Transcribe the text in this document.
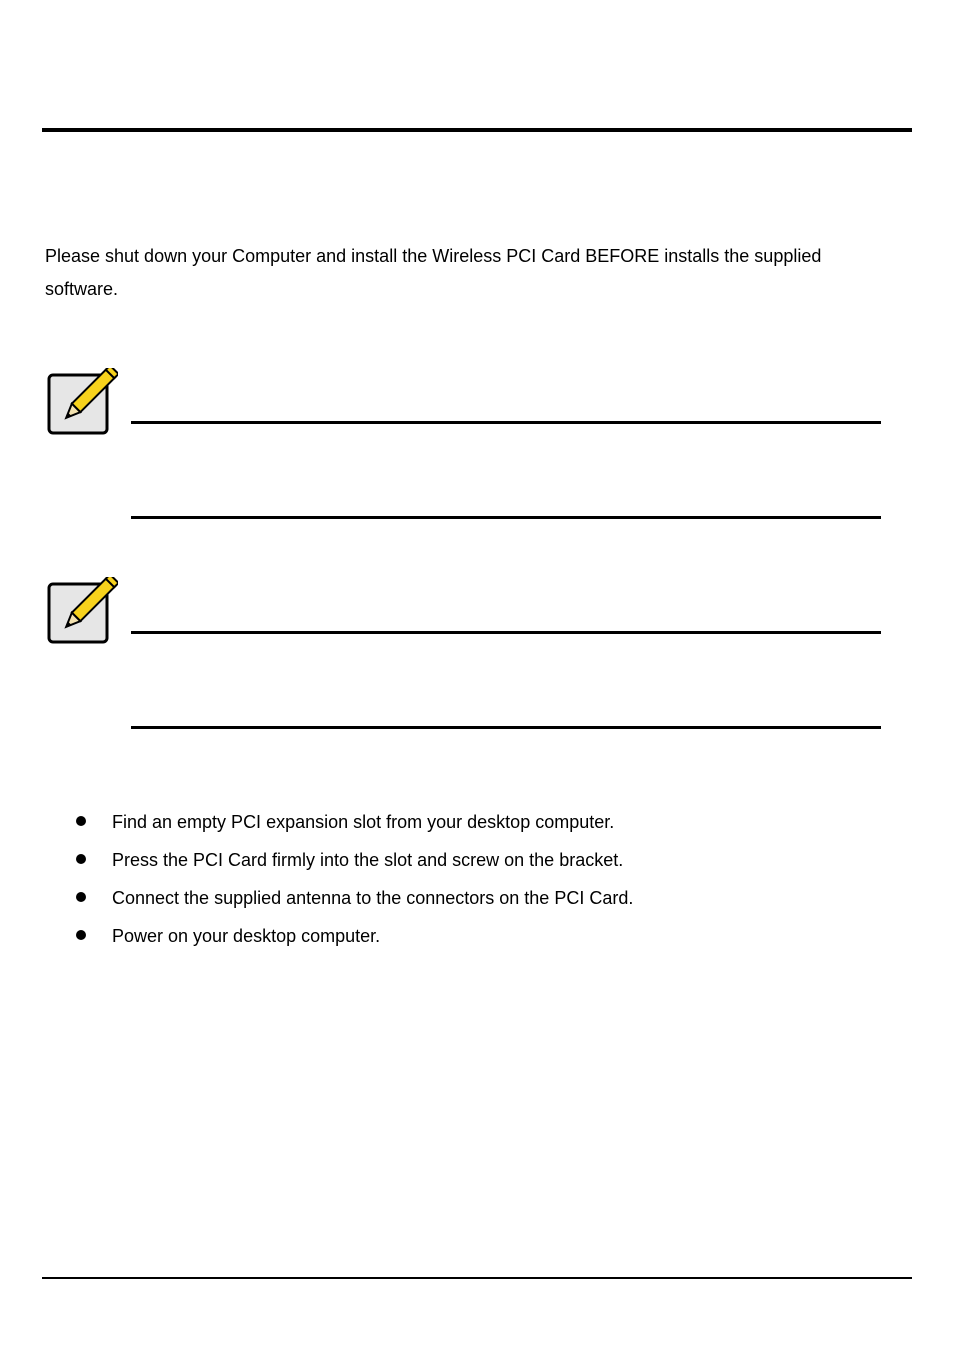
Please shut down your Computer and install the Wireless PCI Card BEFORE installs the supplied software.

Find an empty PCI expansion slot from your desktop computer.
Press the PCI Card firmly into the slot and screw on the bracket.
Connect the supplied antenna to the connectors on the PCI Card.
Power on your desktop computer.
